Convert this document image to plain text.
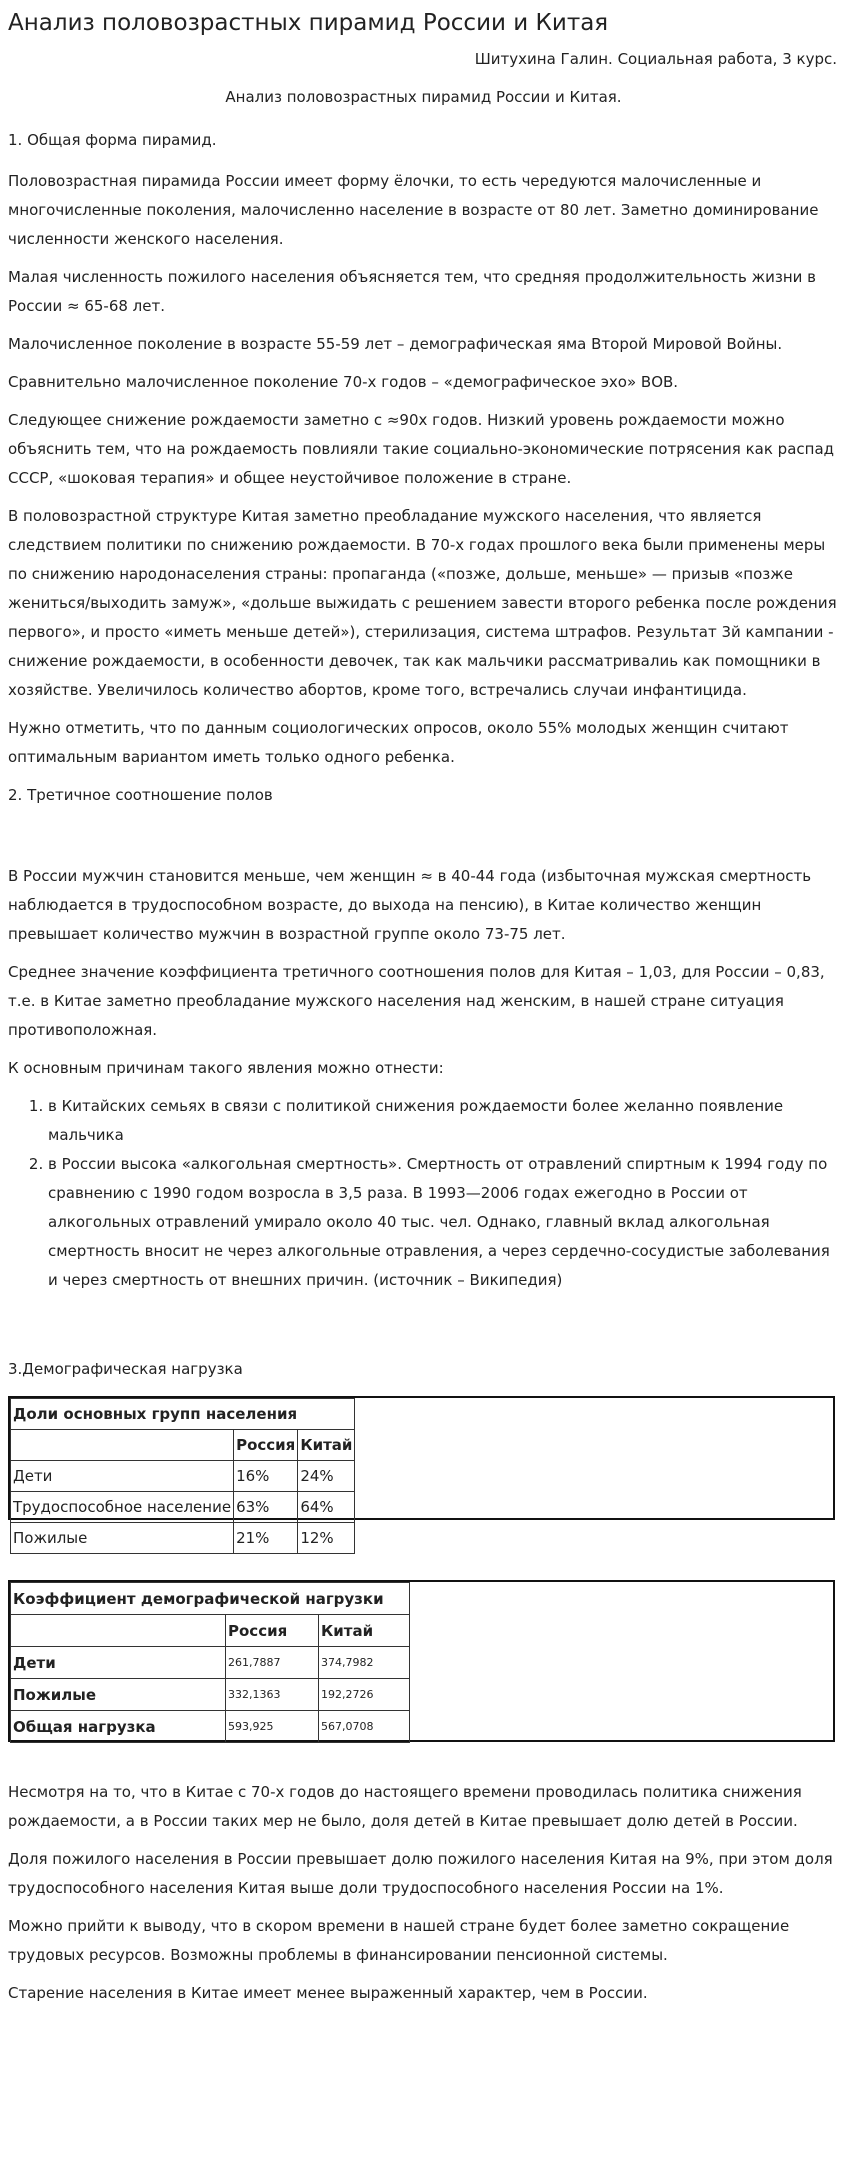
Анализ половозрастных пирамид России и Китая
Шитухина Галин. Социальная работа, 3 курс.
Анализ половозрастных пирамид России и Китая.
1. Общая форма пирамид.

Половозрастная пирамида России имеет форму ёлочки, то есть чередуются малочисленные и многочисленные поколения, малочисленно население в возрасте от 80 лет. Заметно доминирование численности женского населения.

Малая численность пожилого населения объясняется тем, что средняя продолжительность жизни в России ≈ 65-68 лет.

Малочисленное поколение в возрасте 55-59 лет – демографическая яма Второй Мировой Войны.

Сравнительно малочисленное поколение 70-х годов – «демографическое эхо» ВОВ.

Следующее снижение рождаемости заметно с ≈90х годов. Низкий уровень рождаемости можно объяснить тем, что на рождаемость повлияли такие социально-экономические потрясения как распад СССР, «шоковая терапия» и общее неустойчивое положение в стране.

В половозрастной структуре Китая заметно преобладание мужского населения, что является следствием политики по снижению рождаемости. В 70-х годах прошлого века были применены меры по снижению народонаселения страны: пропаганда («позже, дольше, меньше» — призыв «позже жениться/выходить замуж», «дольше выжидать с решением завести второго ребенка после рождения первого», и просто «иметь меньше детей»), стерилизация, система штрафов. Результат 3й кампании - снижение рождаемости, в особенности девочек, так как мальчики рассматривалиь как помощники в хозяйстве. Увеличилось количество абортов, кроме того, встречались случаи инфантицида.

Нужно отметить, что по данным социологических опросов, около 55% молодых женщин считают оптимальным вариантом иметь только одного ребенка.

2. Третичное соотношение полов

В России мужчин становится меньше, чем женщин ≈ в 40-44 года (избыточная мужская смертность наблюдается в трудоспособном возрасте, до выхода на пенсию), в Китае количество женщин превышает количество мужчин в возрастной группе около 73-75 лет.

Среднее значение коэффициента третичного соотношения полов для Китая – 1,03, для России – 0,83, т.е. в Китае заметно преобладание мужского населения над женским, в нашей стране ситуация противоположная.

К основным причинам такого явления можно отнести:

1. в Китайских семьях в связи с политикой снижения рождаемости более желанно появление мальчика
2. в России высока «алкогольная смертность». Смертность от отравлений спиртным к 1994 году по сравнению с 1990 годом возросла в 3,5 раза. В 1993—2006 годах ежегодно в России от алкогольных отравлений умирало около 40 тыс. чел. Однако, главный вклад алкогольная смертность вносит не через алкогольные отравления, а через сердечно-сосудистые заболевания и через смертность от внешних причин. (источник – Википедия)
3.Демографическая нагрузка
Доли основных групп населения		
	Россия	Китай
Дети	16%	24%
Трудоспособное население	63%	64%
Пожилые	21%	12%
Коэффициент демографической нагрузки		
	Россия	Китай
Дети	261,7887	374,7982
Пожилые	332,1363	192,2726
Общая нагрузка	593,925	567,0708

Несмотря на то, что в Китае с 70-х годов до настоящего времени проводилась политика снижения рождаемости, а в России таких мер не было, доля детей в Китае превышает долю детей в России.

Доля пожилого населения в России превышает долю пожилого населения Китая на 9%, при этом доля трудоспособного населения Китая выше доли трудоспособного населения России на 1%.

Можно прийти к выводу, что в скором времени в нашей стране будет более заметно сокращение трудовых ресурсов. Возможны проблемы в финансировании пенсионной системы.

Старение населения в Китае имеет менее выраженный характер, чем в России.
